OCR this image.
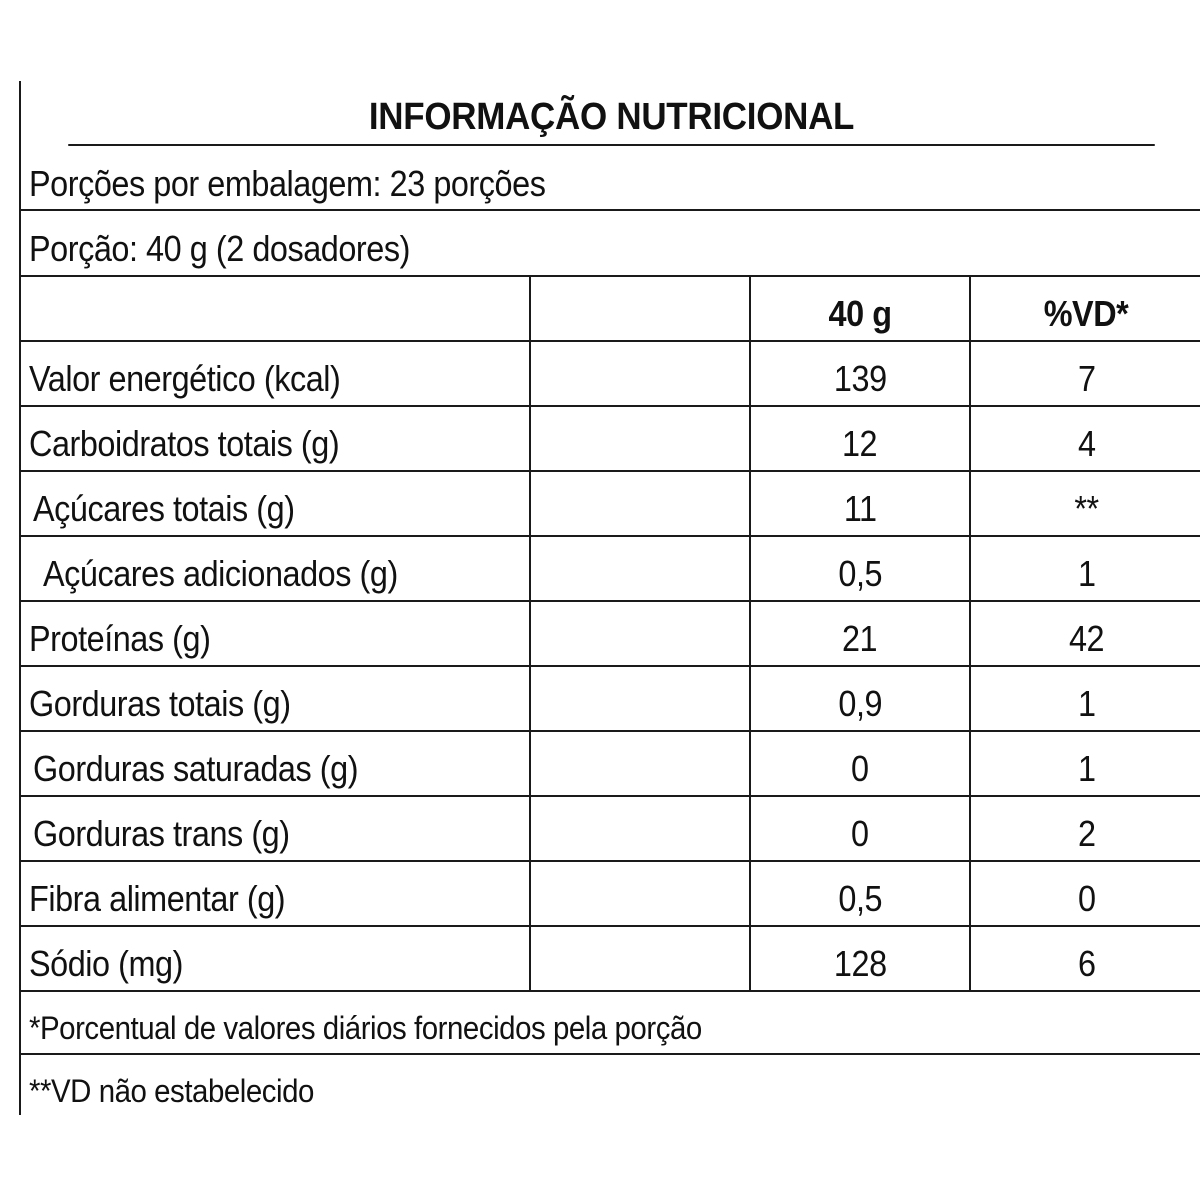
INFORMAÇÃO NUTRICIONAL
Porções por embalagem: 23 porções
Porção: 40 g (2 dosadores)
40 g	%VD*
Valor energético (kcal)	139	7
Carboidratos totais (g)	12	4
Açúcares totais (g)	11	**
Açúcares adicionados (g)	0,5	1
Proteínas (g)	21	42
Gorduras totais (g)	0,9	1
Gorduras saturadas (g)	0	1
Gorduras trans (g)	0	2
Fibra alimentar (g)	0,5	0
Sódio (mg)	128	6
*Porcentual de valores diários fornecidos pela porção
**VD não estabelecido
